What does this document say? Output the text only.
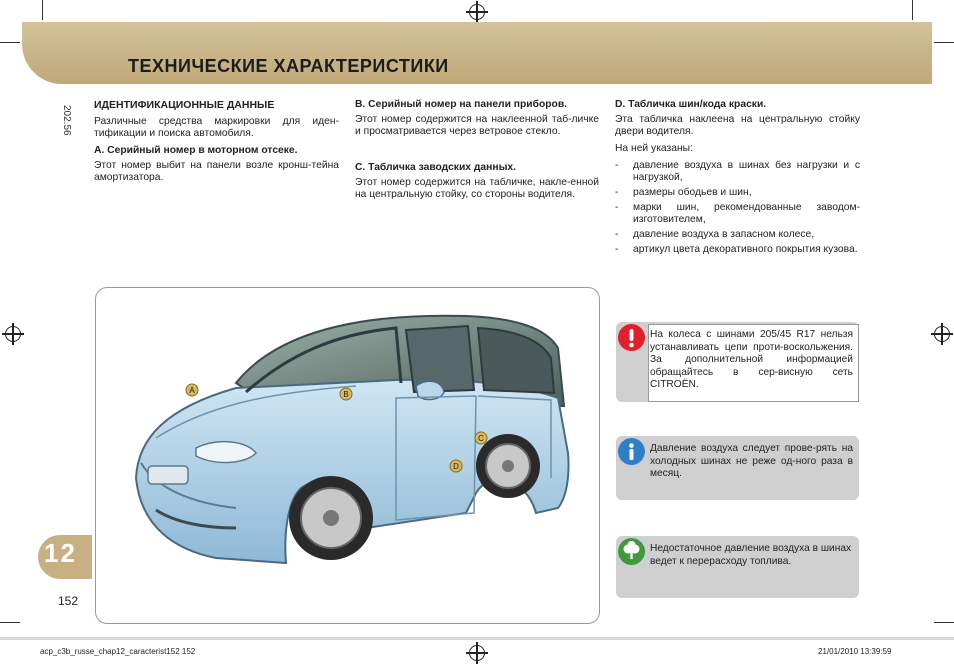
ТЕХНИЧЕСКИЕ ХАРАКТЕРИСТИКИ
202.56 ИДЕНТИФИКАЦИОННЫЕ ДАННЫЕ

Различные средства маркировки для иден-тификации и поиска автомобиля.

A. Серийный номер в моторном отсеке.

Этот номер выбит на панели возле кронш-тейна амортизатора.

B. Серийный номер на панели приборов.

Этот номер содержится на наклеенной таб-личке и просматривается через ветровое стекло.

C. Табличка заводских данных.

Этот номер содержится на табличке, накле-енной на центральную стойку, со стороны водителя.

D. Табличка шин/кода краски.

Эта табличка наклеена на центральную стойку двери водителя.

На ней указаны:

- давление воздуха в шинах без нагрузки и с нагрузкой,
- размеры ободьев и шин,
- марки шин, рекомендованные заводом-изготовителем,
- давление воздуха в запасном колесе,
- артикул цвета декоративного покрытия кузова.
A	B
C
D
На колеса с шинами 205/45 R17 нельзя устанавливать цепи проти-воскольжения. За дополнительной информацией обращайтесь в сер-висную сеть CITROËN.
Давление воздуха следует прове-рять на холодных шинах не реже од-ного раза в месяц.
Недостаточное давление воздуха в шинах ведет к перерасходу топлива.
12
152
acp_c3b_russe_chap12_caracterist152 152	21/01/2010 13:39:59
